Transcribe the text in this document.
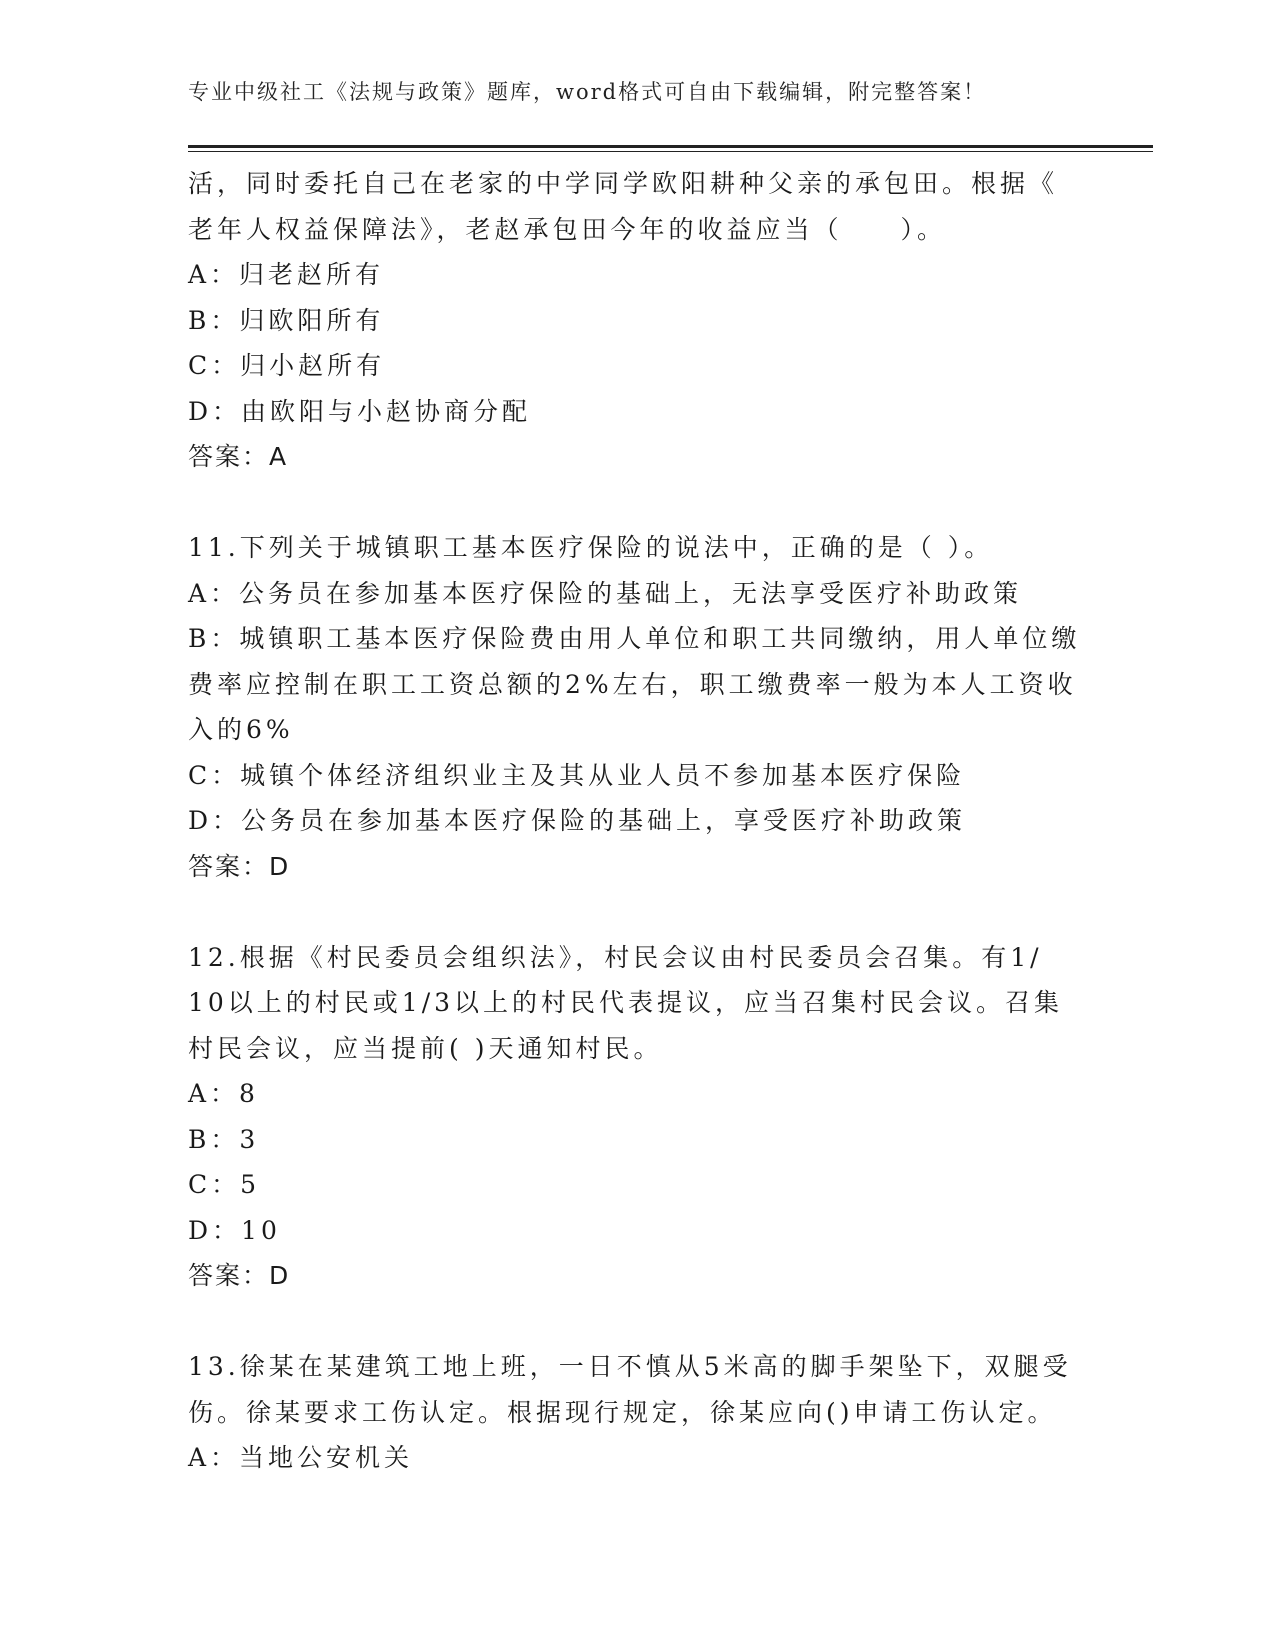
专业中级社工《法规与政策》题库，word格式可自由下载编辑，附完整答案！

活，同时委托自己在老家的中学同学欧阳耕种父亲的承包田。根据《

老年人权益保障法》，老赵承包田今年的收益应当（　　）。

A：归老赵所有

B：归欧阳所有

C：归小赵所有

D：由欧阳与小赵协商分配

答案：A

11.下列关于城镇职工基本医疗保险的说法中，正确的是（ ）。

A：公务员在参加基本医疗保险的基础上，无法享受医疗补助政策

B：城镇职工基本医疗保险费由用人单位和职工共同缴纳，用人单位缴

费率应控制在职工工资总额的2%左右，职工缴费率一般为本人工资收

入的6%

C：城镇个体经济组织业主及其从业人员不参加基本医疗保险

D：公务员在参加基本医疗保险的基础上，享受医疗补助政策

答案：D

12.根据《村民委员会组织法》，村民会议由村民委员会召集。有1/

10以上的村民或1/3以上的村民代表提议，应当召集村民会议。召集

村民会议，应当提前( )天通知村民。

A：8

B：3

C：5

D：10

答案：D

13.徐某在某建筑工地上班，一日不慎从5米高的脚手架坠下，双腿受

伤。徐某要求工伤认定。根据现行规定，徐某应向()申请工伤认定。

A：当地公安机关
